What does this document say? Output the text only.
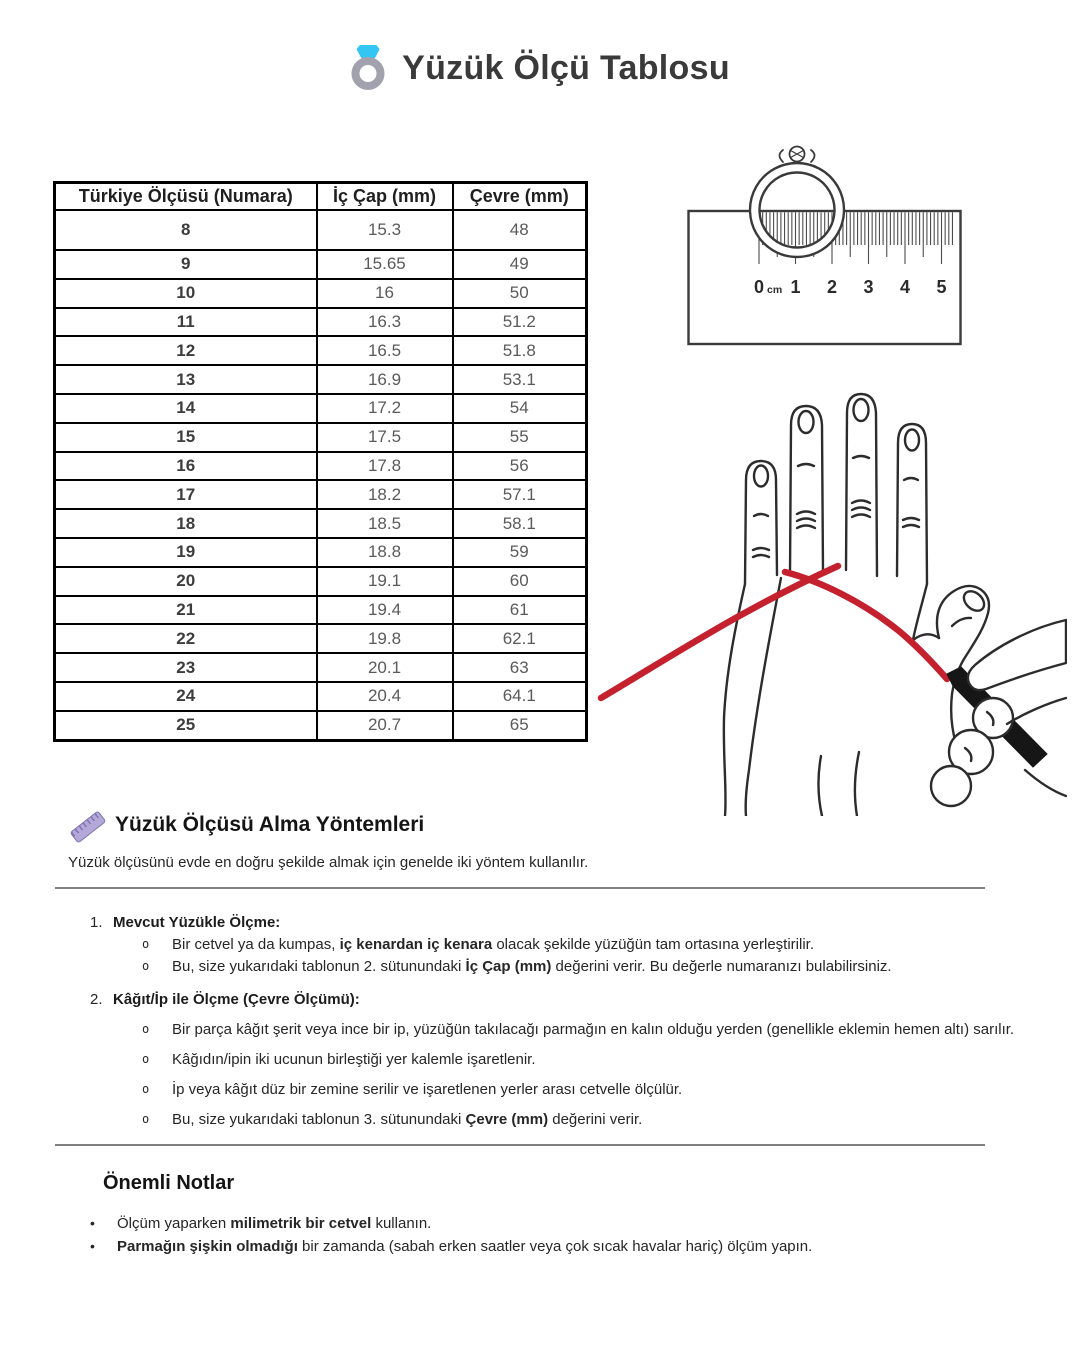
Yüzük Ölçü Tablosu
Türkiye Ölçüsü (Numara)	İç Çap (mm)	Çevre (mm)
8	15.3	48
9	15.65	49
10	16	50
11	16.3	51.2
12	16.5	51.8
13	16.9	53.1
14	17.2	54
15	17.5	55
16	17.8	56
17	18.2	57.1
18	18.5	58.1
19	18.8	59
20	19.1	60
21	19.4	61
22	19.8	62.1
23	20.1	63
24	20.4	64.1
25	20.7	65
0 cm 1 2 3 4 5
Yüzük Ölçüsü Alma Yöntemleri

Yüzük ölçüsünü evde en doğru şekilde almak için genelde iki yöntem kullanılır.

1. Mevcut Yüzükle Ölçme:
o Bir cetvel ya da kumpas, iç kenardan iç kenara olacak şekilde yüzüğün tam ortasına yerleştirilir.
o Bu, size yukarıdaki tablonun 2. sütunundaki İç Çap (mm) değerini verir. Bu değerle numaranızı bulabilirsiniz.
2. Kâğıt/İp ile Ölçme (Çevre Ölçümü):
o Bir parça kâğıt şerit veya ince bir ip, yüzüğün takılacağı parmağın en kalın olduğu yerden (genellikle eklemin hemen altı) sarılır.
o Kâğıdın/ipin iki ucunun birleştiği yer kalemle işaretlenir.
o İp veya kâğıt düz bir zemine serilir ve işaretlenen yerler arası cetvelle ölçülür.
o Bu, size yukarıdaki tablonun 3. sütunundaki Çevre (mm) değerini verir.
Önemli Notlar
• Ölçüm yaparken milimetrik bir cetvel kullanın.
• Parmağın şişkin olmadığı bir zamanda (sabah erken saatler veya çok sıcak havalar hariç) ölçüm yapın.
